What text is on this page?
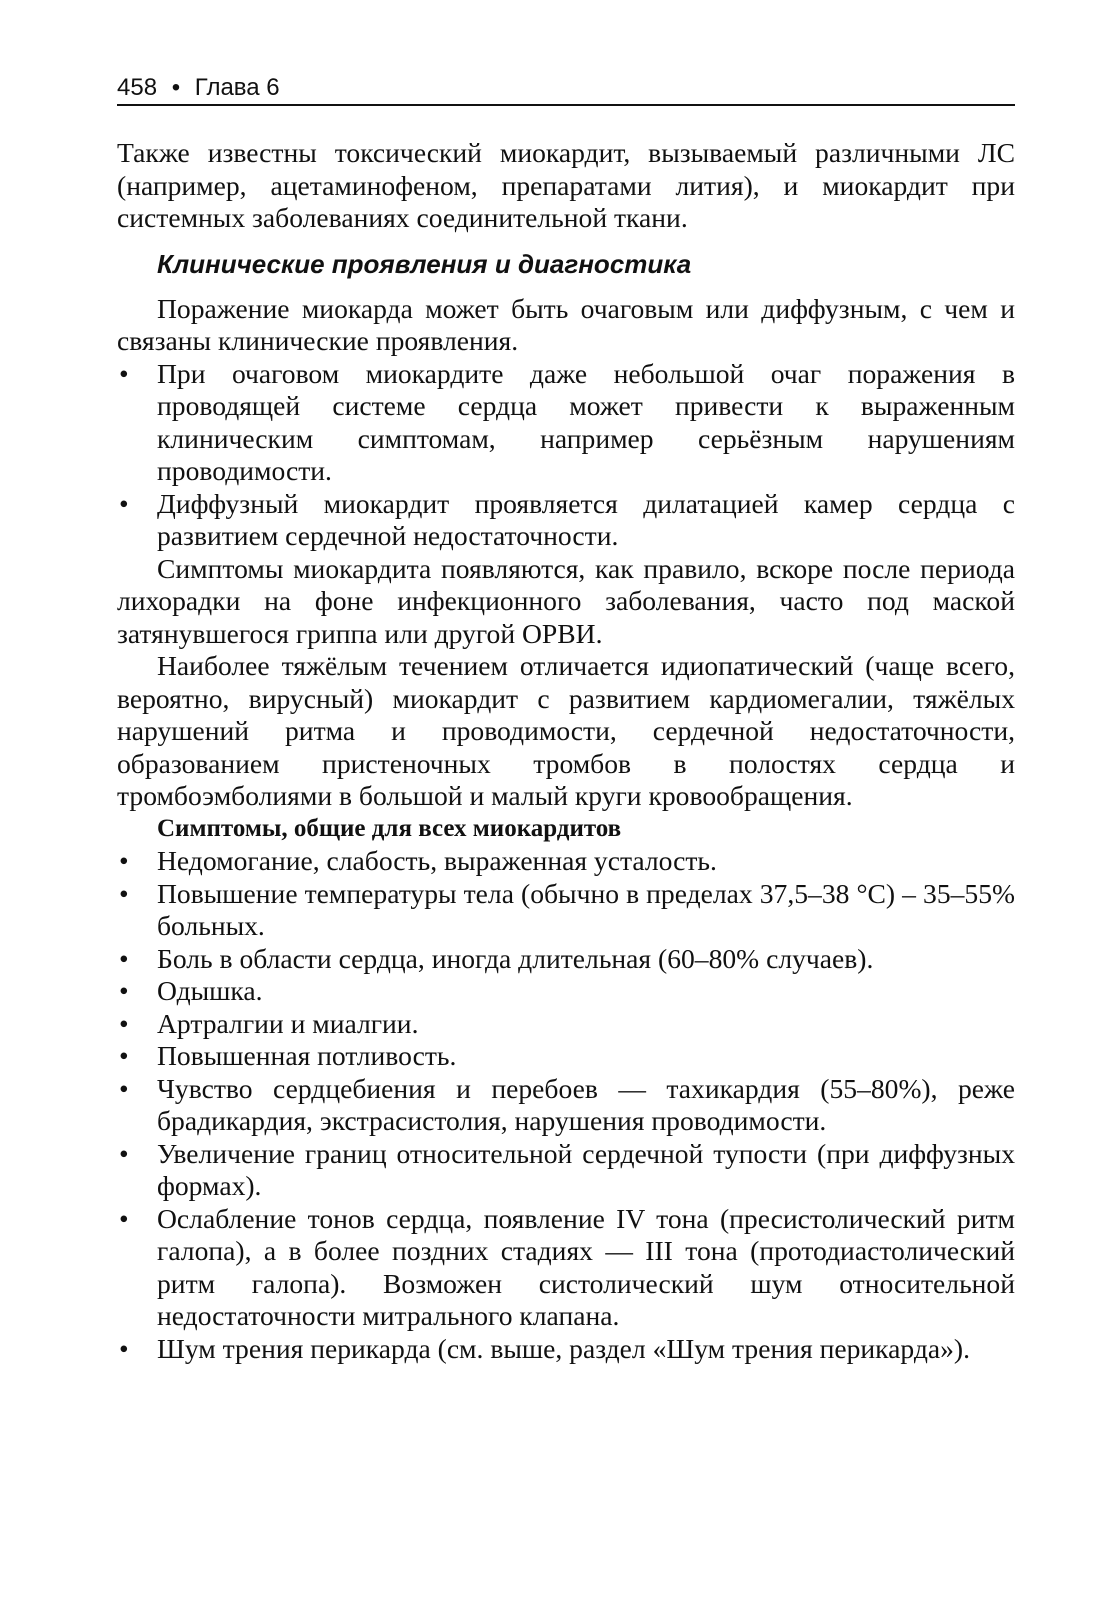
458 • Глава 6

Также известны токсический миокардит, вызываемый различными ЛС (например, ацетаминофеном, препаратами лития), и миокардит при системных заболеваниях соединительной ткани.

Клинические проявления и диагностика

Поражение миокарда может быть очаговым или диффузным, с чем и связаны клинические проявления.

• При очаговом миокардите даже небольшой очаг поражения в проводящей системе сердца может привести к выраженным клиническим симптомам, например серьёзным нарушениям проводимости.
• Диффузный миокардит проявляется дилатацией камер сердца с развитием сердечной недостаточности.

Симптомы миокардита появляются, как правило, вскоре после периода лихорадки на фоне инфекционного заболевания, часто под маской затянувшегося гриппа или другой ОРВИ.

Наиболее тяжёлым течением отличается идиопатический (чаще всего, вероятно, вирусный) миокардит с развитием кардиомегалии, тяжёлых нарушений ритма и проводимости, сердечной недостаточности, образованием пристеночных тромбов в полостях сердца и тромбоэмболиями в большой и малый круги кровообращения.

Симптомы, общие для всех миокардитов
• Недомогание, слабость, выраженная усталость.
• Повышение температуры тела (обычно в пределах 37,5–38 °С) – 35–55% больных.
• Боль в области сердца, иногда длительная (60–80% случаев).
• Одышка.
• Артралгии и миалгии.
• Повышенная потливость.
• Чувство сердцебиения и перебоев — тахикардия (55–80%), реже брадикардия, экстрасистолия, нарушения проводимости.
• Увеличение границ относительной сердечной тупости (при диффузных формах).
• Ослабление тонов сердца, появление IV тона (пресистолический ритм галопа), а в более поздних стадиях — III тона (протодиастолический ритм галопа). Возможен систолический шум относительной недостаточности митрального клапана.
• Шум трения перикарда (см. выше, раздел «Шум трения перикарда»).
